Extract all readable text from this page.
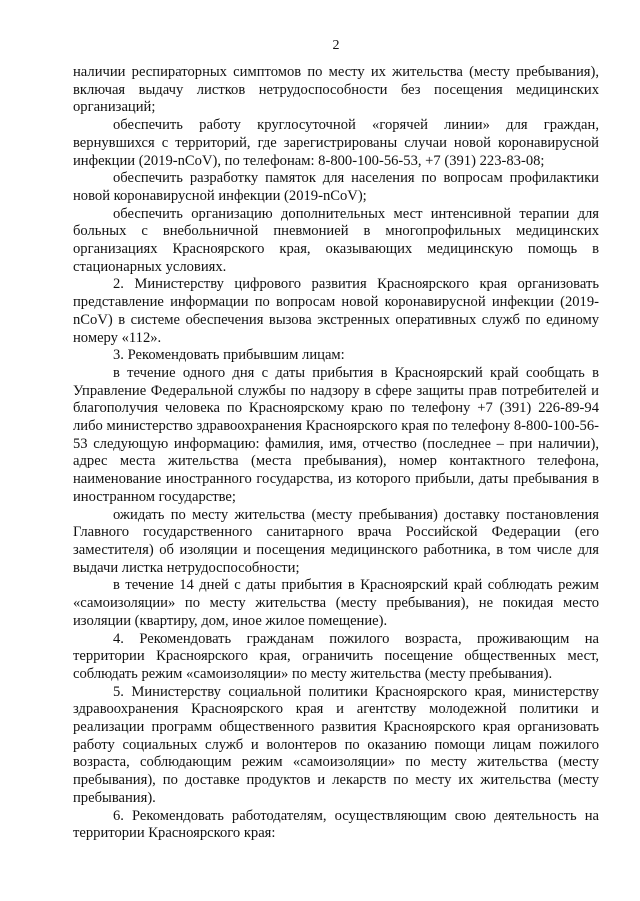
2

наличии респираторных симптомов по месту их жительства (месту пребывания), включая выдачу листков нетрудоспособности без посещения медицинских организаций;

обеспечить работу круглосуточной «горячей линии» для граждан, вернувшихся с территорий, где зарегистрированы случаи новой коронавирусной инфекции (2019-nCoV), по телефонам: 8-800-100-56-53, +7 (391) 223-83-08;

обеспечить разработку памяток для населения по вопросам профилактики новой коронавирусной инфекции (2019-nCoV);

обеспечить организацию дополнительных мест интенсивной терапии для больных с внебольничной пневмонией в многопрофильных медицинских организациях Красноярского края, оказывающих медицинскую помощь в стационарных условиях.

2. Министерству цифрового развития Красноярского края организовать представление информации по вопросам новой коронавирусной инфекции (2019-nCoV) в системе обеспечения вызова экстренных оперативных служб по единому номеру «112».

3. Рекомендовать прибывшим лицам:

в течение одного дня с даты прибытия в Красноярский край сообщать в Управление Федеральной службы по надзору в сфере защиты прав потребителей и благополучия человека по Красноярскому краю по телефону +7 (391) 226-89-94 либо министерство здравоохранения Красноярского края по телефону 8-800-100-56-53 следующую информацию: фамилия, имя, отчество (последнее – при наличии), адрес места жительства (места пребывания), номер контактного телефона, наименование иностранного государства, из которого прибыли, даты пребывания в иностранном государстве;

ожидать по месту жительства (месту пребывания) доставку постановления Главного государственного санитарного врача Российской Федерации (его заместителя) об изоляции и посещения медицинского работника, в том числе для выдачи листка нетрудоспособности;

в течение 14 дней с даты прибытия в Красноярский край соблюдать режим «самоизоляции» по месту жительства (месту пребывания), не покидая место изоляции (квартиру, дом, иное жилое помещение).

4. Рекомендовать гражданам пожилого возраста, проживающим на территории Красноярского края, ограничить посещение общественных мест, соблюдать режим «самоизоляции» по месту жительства (месту пребывания).

5. Министерству социальной политики Красноярского края, министерству здравоохранения Красноярского края и агентству молодежной политики и реализации программ общественного развития Красноярского края организовать работу социальных служб и волонтеров по оказанию помощи лицам пожилого возраста, соблюдающим режим «самоизоляции» по месту жительства (месту пребывания), по доставке продуктов и лекарств по месту их жительства (месту пребывания).

6. Рекомендовать работодателям, осуществляющим свою деятельность на территории Красноярского края:
